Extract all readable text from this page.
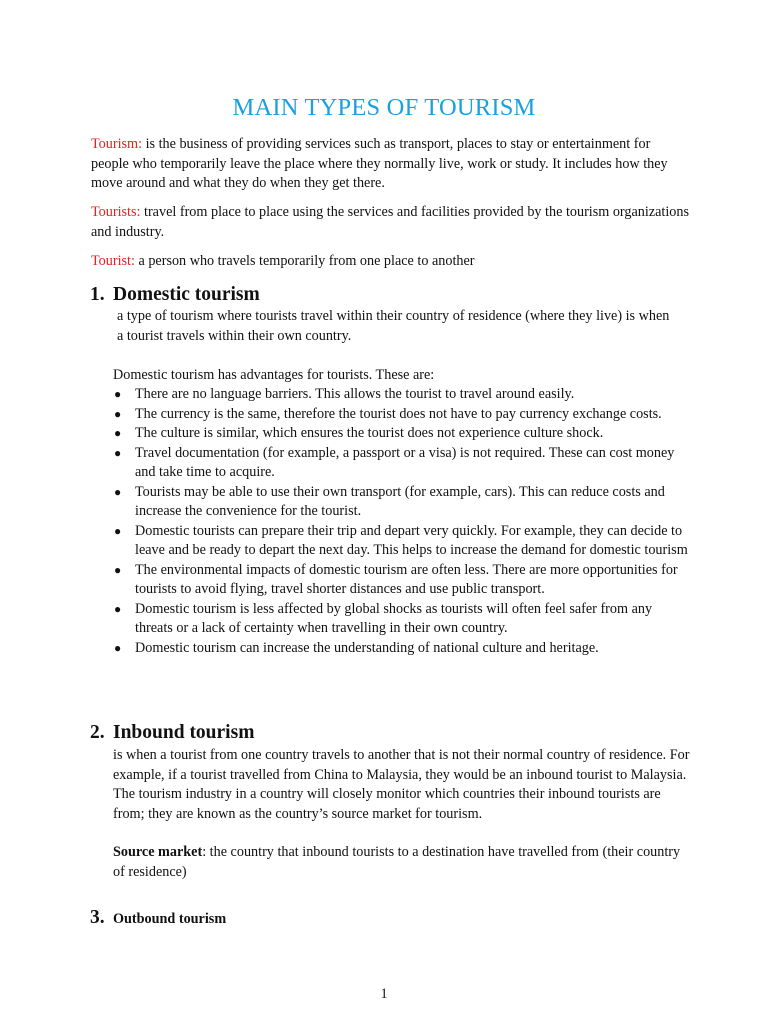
MAIN TYPES OF TOURISM

Tourism: is the business of providing services such as transport, places to stay or entertainment for people who temporarily leave the place where they normally live, work or study. It includes how they move around and what they do when they get there.

Tourists: travel from place to place using the services and facilities provided by the tourism organizations and industry.

Tourist: a person who travels temporarily from one place to another

1. Domestic tourism

a type of tourism where tourists travel within their country of residence (where they live) is when a tourist travels within their own country.

Domestic tourism has advantages for tourists. These are:

● There are no language barriers. This allows the tourist to travel around easily.
● The currency is the same, therefore the tourist does not have to pay currency exchange costs.
● The culture is similar, which ensures the tourist does not experience culture shock.
● Travel documentation (for example, a passport or a visa) is not required. These can cost money and take time to acquire.
● Tourists may be able to use their own transport (for example, cars). This can reduce costs and increase the convenience for the tourist.
● Domestic tourists can prepare their trip and depart very quickly. For example, they can decide to leave and be ready to depart the next day. This helps to increase the demand for domestic tourism
● The environmental impacts of domestic tourism are often less. There are more opportunities for tourists to avoid flying, travel shorter distances and use public transport.
● Domestic tourism is less affected by global shocks as tourists will often feel safer from any threats or a lack of certainty when travelling in their own country.
● Domestic tourism can increase the understanding of national culture and heritage.
2. Inbound tourism

is when a tourist from one country travels to another that is not their normal country of residence. For example, if a tourist travelled from China to Malaysia, they would be an inbound tourist to Malaysia. The tourism industry in a country will closely monitor which countries their inbound tourists are from; they are known as the country’s source market for tourism.

Source market: the country that inbound tourists to a destination have travelled from (their country of residence)

3. Outbound tourism
1
